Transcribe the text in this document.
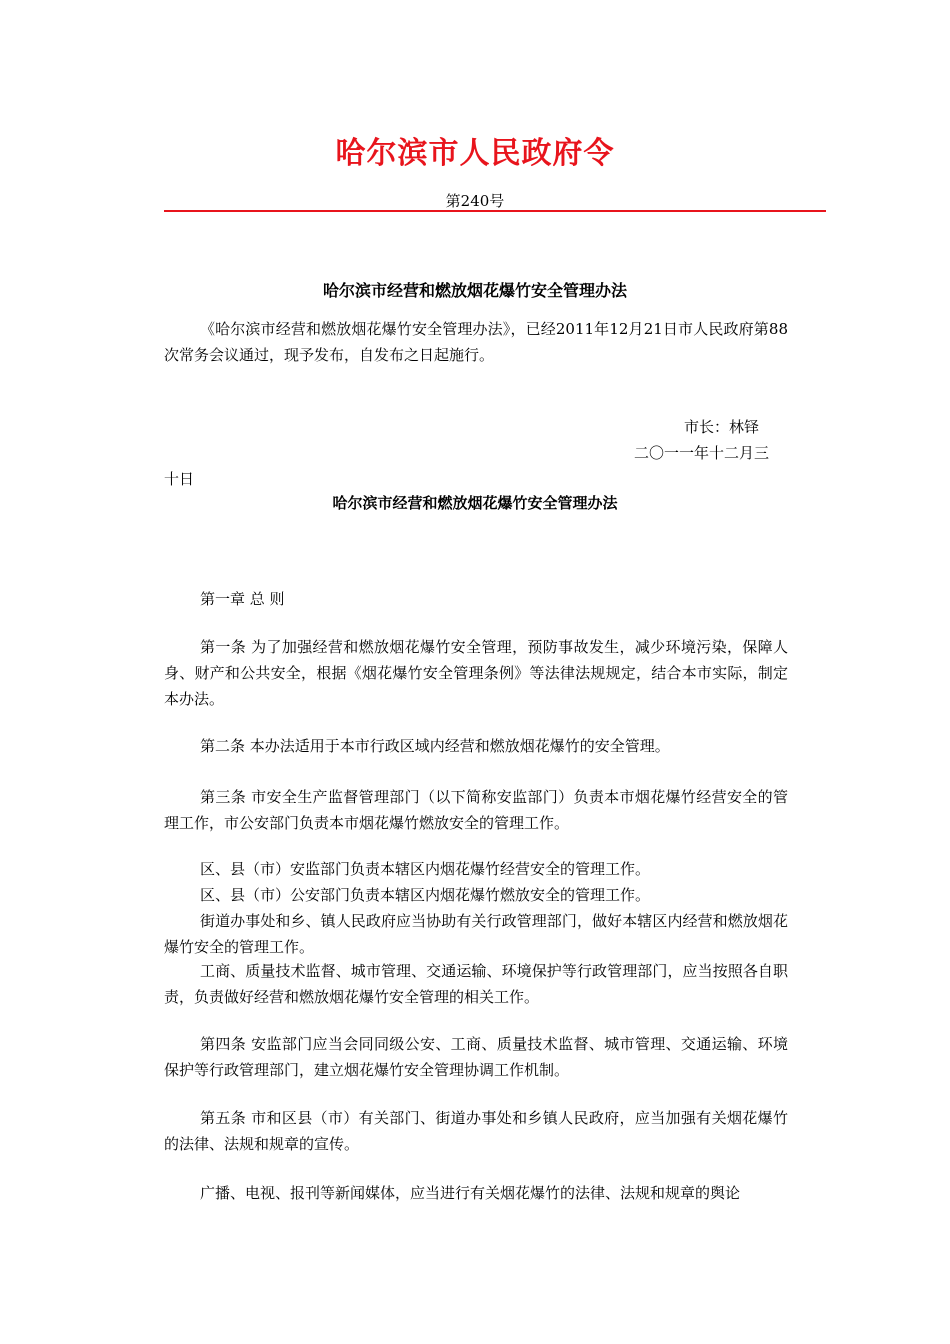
哈尔滨市人民政府令
第240号
哈尔滨市经营和燃放烟花爆竹安全管理办法

《哈尔滨市经营和燃放烟花爆竹安全管理办法》，已经2011年12月21日市人民政府第88次常务会议通过，现予发布，自发布之日起施行。

市长：林铎

二〇一一年十二月三

十日

哈尔滨市经营和燃放烟花爆竹安全管理办法

第一章 总 则

第一条 为了加强经营和燃放烟花爆竹安全管理，预防事故发生，减少环境污染，保障人身、财产和公共安全，根据《烟花爆竹安全管理条例》等法律法规规定，结合本市实际，制定本办法。

第二条 本办法适用于本市行政区域内经营和燃放烟花爆竹的安全管理。

第三条 市安全生产监督管理部门（以下简称安监部门）负责本市烟花爆竹经营安全的管理工作，市公安部门负责本市烟花爆竹燃放安全的管理工作。

区、县（市）安监部门负责本辖区内烟花爆竹经营安全的管理工作。

区、县（市）公安部门负责本辖区内烟花爆竹燃放安全的管理工作。

街道办事处和乡、镇人民政府应当协助有关行政管理部门，做好本辖区内经营和燃放烟花爆竹安全的管理工作。

工商、质量技术监督、城市管理、交通运输、环境保护等行政管理部门，应当按照各自职责，负责做好经营和燃放烟花爆竹安全管理的相关工作。

第四条 安监部门应当会同同级公安、工商、质量技术监督、城市管理、交通运输、环境保护等行政管理部门，建立烟花爆竹安全管理协调工作机制。

第五条 市和区县（市）有关部门、街道办事处和乡镇人民政府，应当加强有关烟花爆竹的法律、法规和规章的宣传。

广播、电视、报刊等新闻媒体，应当进行有关烟花爆竹的法律、法规和规章的舆论
